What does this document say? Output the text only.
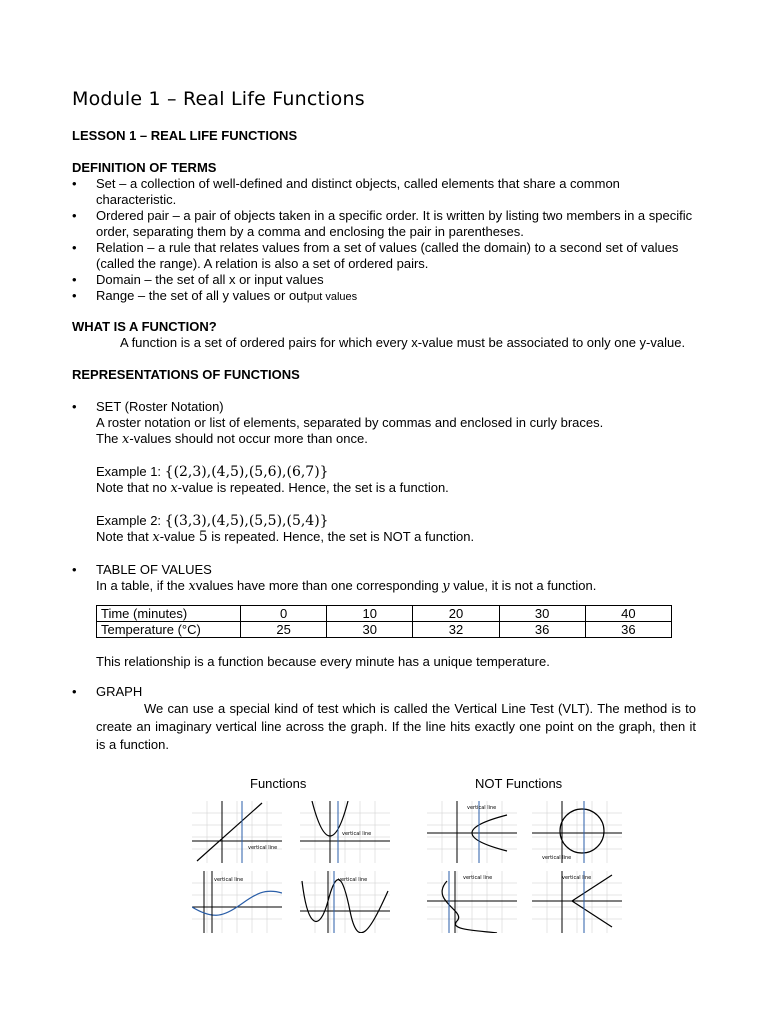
Module 1 – Real Life Functions

LESSON 1 – REAL LIFE FUNCTIONS

DEFINITION OF TERMS

• Set – a collection of well-defined and distinct objects, called elements that share a common characteristic.
• Ordered pair – a pair of objects taken in a specific order. It is written by listing two members in a specific order, separating them by a comma and enclosing the pair in parentheses.
• Relation – a rule that relates values from a set of values (called the domain) to a second set of values (called the range). A relation is also a set of ordered pairs.
• Domain – the set of all x or input values
• Range – the set of all y values or output values

WHAT IS A FUNCTION?

A function is a set of ordered pairs for which every x-value must be associated to only one y-value.

REPRESENTATIONS OF FUNCTIONS

• SET (Roster Notation)

A roster notation or list of elements, separated by commas and enclosed in curly braces.

The x-values should not occur more than once.

Example 1: {(2,3),(4,5),(5,6),(6,7)}

Note that no x-value is repeated. Hence, the set is a function.

Example 2: {(3,3),(4,5),(5,5),(5,4)}

Note that x-value 5 is repeated. Hence, the set is NOT a function.

• TABLE OF VALUES

In a table, if the xvalues have more than one corresponding y value, it is not a function.

Time (minutes)	0	10	20	30	40
Temperature (°C)	25	30	32	36	36

This relationship is a function because every minute has a unique temperature.

• GRAPH

We can use a special kind of test which is called the Vertical Line Test (VLT). The method is to create an imaginary vertical line across the graph. If the line hits exactly one point on the graph, then it is a function.

Functions	NOT Functions
vertical line
vertical line
vertical line
vertical line
vertical line	vertical line	vertical line	vertical line
